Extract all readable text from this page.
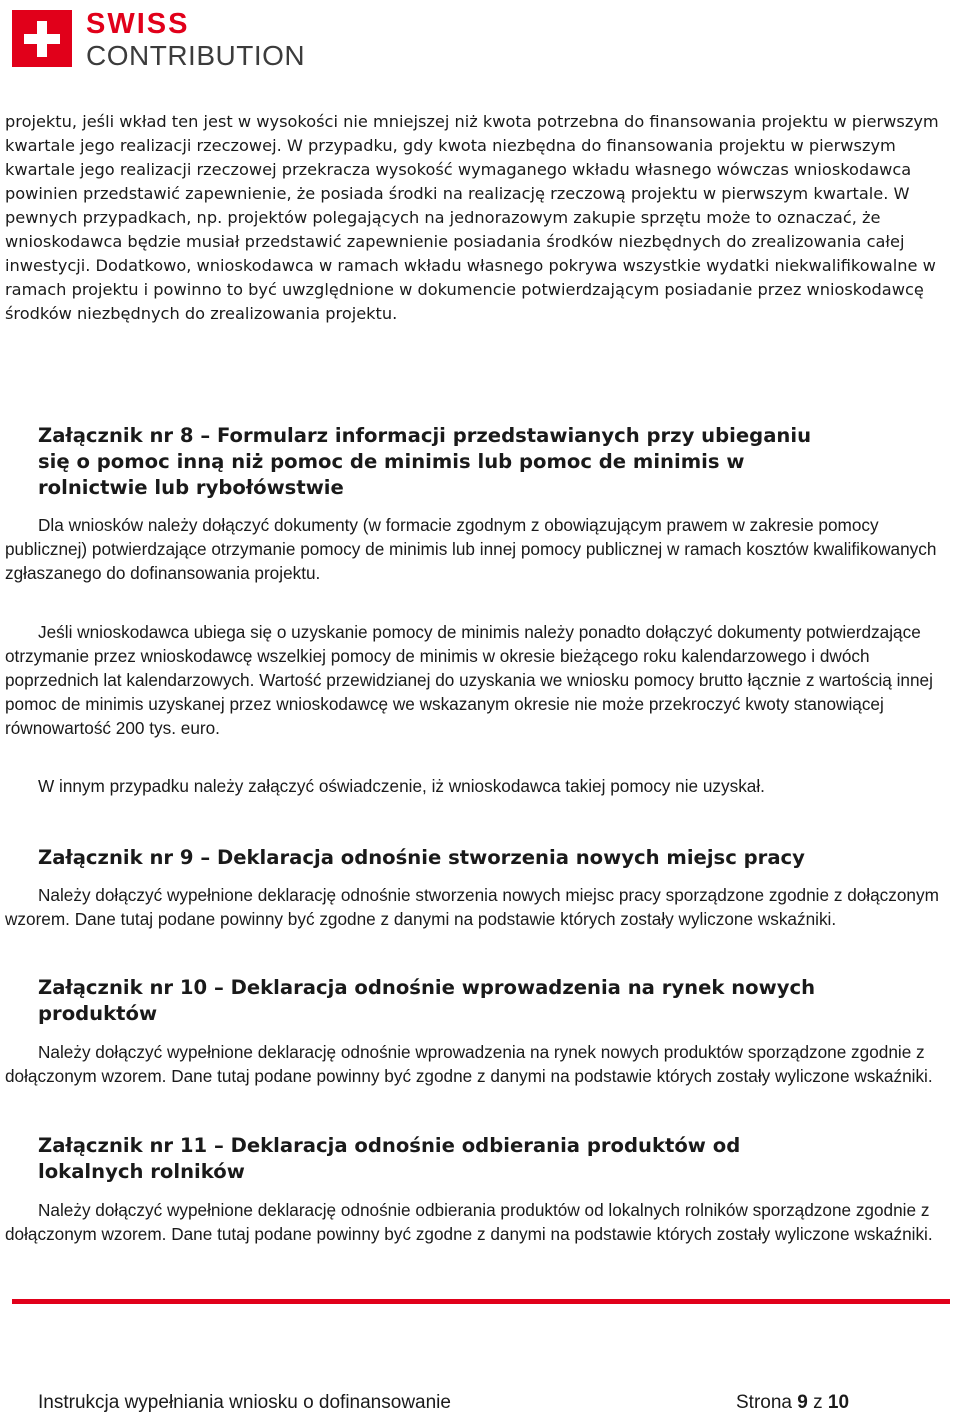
SWISS
CONTRIBUTION

projektu, jeśli wkład ten jest w wysokości nie mniejszej niż kwota potrzebna do finansowania projektu w pierwszym kwartale jego realizacji rzeczowej. W przypadku, gdy kwota niezbędna do finansowania projektu w pierwszym kwartale jego realizacji rzeczowej przekracza wysokość wymaganego wkładu własnego wówczas wnioskodawca powinien przedstawić zapewnienie, że posiada środki na realizację rzeczową projektu w pierwszym kwartale. W pewnych przypadkach, np. projektów polegających na jednorazowym zakupie sprzętu może to oznaczać, że wnioskodawca będzie musiał przedstawić zapewnienie posiadania środków niezbędnych do zrealizowania całej inwestycji. Dodatkowo, wnioskodawca w ramach wkładu własnego pokrywa wszystkie wydatki niekwalifikowalne w ramach projektu i powinno to być uwzględnione w dokumencie potwierdzającym posiadanie przez wnioskodawcę środków niezbędnych do zrealizowania projektu.

Załącznik nr 8 – Formularz informacji przedstawianych przy ubieganiu się o pomoc inną niż pomoc de minimis lub pomoc de minimis w rolnictwie lub rybołówstwie

Dla wniosków należy dołączyć dokumenty (w formacie zgodnym z obowiązującym prawem w zakresie pomocy publicznej) potwierdzające otrzymanie pomocy de minimis lub innej pomocy publicznej w ramach kosztów kwalifikowanych zgłaszanego do dofinansowania projektu.

Jeśli wnioskodawca ubiega się o uzyskanie pomocy de minimis należy ponadto dołączyć dokumenty potwierdzające otrzymanie przez wnioskodawcę wszelkiej pomocy de minimis w okresie bieżącego roku kalendarzowego i dwóch poprzednich lat kalendarzowych. Wartość przewidzianej do uzyskania we wniosku pomocy brutto łącznie z wartością innej pomoc de minimis uzyskanej przez wnioskodawcę we wskazanym okresie nie może przekroczyć kwoty stanowiącej równowartość 200 tys. euro.

W innym przypadku należy załączyć oświadczenie, iż wnioskodawca takiej pomocy nie uzyskał.

Załącznik nr 9 – Deklaracja odnośnie stworzenia nowych miejsc pracy

Należy dołączyć wypełnione deklarację odnośnie stworzenia nowych miejsc pracy sporządzone zgodnie z dołączonym wzorem. Dane tutaj podane powinny być zgodne z danymi na podstawie których zostały wyliczone wskaźniki.

Załącznik nr 10 – Deklaracja odnośnie wprowadzenia na rynek nowych produktów

Należy dołączyć wypełnione deklarację odnośnie wprowadzenia na rynek nowych produktów sporządzone zgodnie z dołączonym wzorem. Dane tutaj podane powinny być zgodne z danymi na podstawie których zostały wyliczone wskaźniki.

Załącznik nr 11 – Deklaracja odnośnie odbierania produktów od lokalnych rolników

Należy dołączyć wypełnione deklarację odnośnie odbierania produktów od lokalnych rolników sporządzone zgodnie z dołączonym wzorem. Dane tutaj podane powinny być zgodne z danymi na podstawie których zostały wyliczone wskaźniki.

Instrukcja wypełniania wniosku o dofinansowanie	Strona 9 z 10
